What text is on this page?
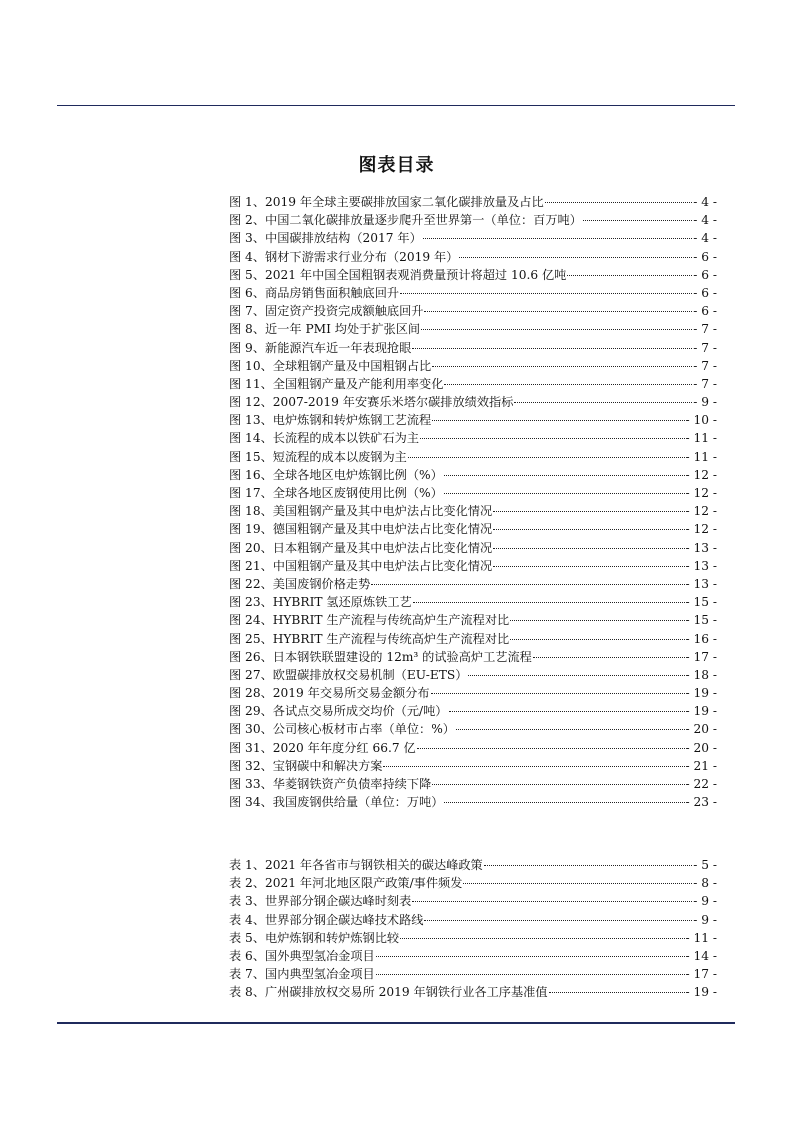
图表目录
图 1、2019 年全球主要碳排放国家二氧化碳排放量及占比	- 4 -
图 2、中国二氧化碳排放量逐步爬升至世界第一（单位：百万吨）	- 4 -
图 3、中国碳排放结构（2017 年）	- 4 -
图 4、钢材下游需求行业分布（2019 年）	- 6 -
图 5、2021 年中国全国粗钢表观消费量预计将超过 10.6 亿吨	- 6 -
图 6、商品房销售面积触底回升	- 6 -
图 7、固定资产投资完成额触底回升	- 6 -
图 8、近一年 PMI 均处于扩张区间	- 7 -
图 9、新能源汽车近一年表现抢眼	- 7 -
图 10、全球粗钢产量及中国粗钢占比	- 7 -
图 11、全国粗钢产量及产能利用率变化	- 7 -
图 12、2007-2019 年安赛乐米塔尔碳排放绩效指标	- 9 -
图 13、电炉炼钢和转炉炼钢工艺流程	- 10 -
图 14、长流程的成本以铁矿石为主	- 11 -
图 15、短流程的成本以废钢为主	- 11 -
图 16、全球各地区电炉炼钢比例（%）	- 12 -
图 17、全球各地区废钢使用比例（%）	- 12 -
图 18、美国粗钢产量及其中电炉法占比变化情况	- 12 -
图 19、德国粗钢产量及其中电炉法占比变化情况	- 12 -
图 20、日本粗钢产量及其中电炉法占比变化情况	- 13 -
图 21、中国粗钢产量及其中电炉法占比变化情况	- 13 -
图 22、美国废钢价格走势	- 13 -
图 23、HYBRIT 氢还原炼铁工艺	- 15 -
图 24、HYBRIT 生产流程与传统高炉生产流程对比	- 15 -
图 25、HYBRIT 生产流程与传统高炉生产流程对比	- 16 -
图 26、日本钢铁联盟建设的 12m³ 的试验高炉工艺流程	- 17 -
图 27、欧盟碳排放权交易机制（EU-ETS）	- 18 -
图 28、2019 年交易所交易金额分布	- 19 -
图 29、各试点交易所成交均价（元/吨）	- 19 -
图 30、公司核心板材市占率（单位：%）	- 20 -
图 31、2020 年年度分红 66.7 亿	- 20 -
图 32、宝钢碳中和解决方案	- 21 -
图 33、华菱钢铁资产负债率持续下降	- 22 -
图 34、我国废钢供给量（单位：万吨）	- 23 -
表 1、2021 年各省市与钢铁相关的碳达峰政策	- 5 -
表 2、2021 年河北地区限产政策/事件频发	- 8 -
表 3、世界部分钢企碳达峰时刻表	- 9 -
表 4、世界部分钢企碳达峰技术路线	- 9 -
表 5、电炉炼钢和转炉炼钢比较	- 11 -
表 6、国外典型氢冶金项目	- 14 -
表 7、国内典型氢冶金项目	- 17 -
表 8、广州碳排放权交易所 2019 年钢铁行业各工序基准值	- 19 -
